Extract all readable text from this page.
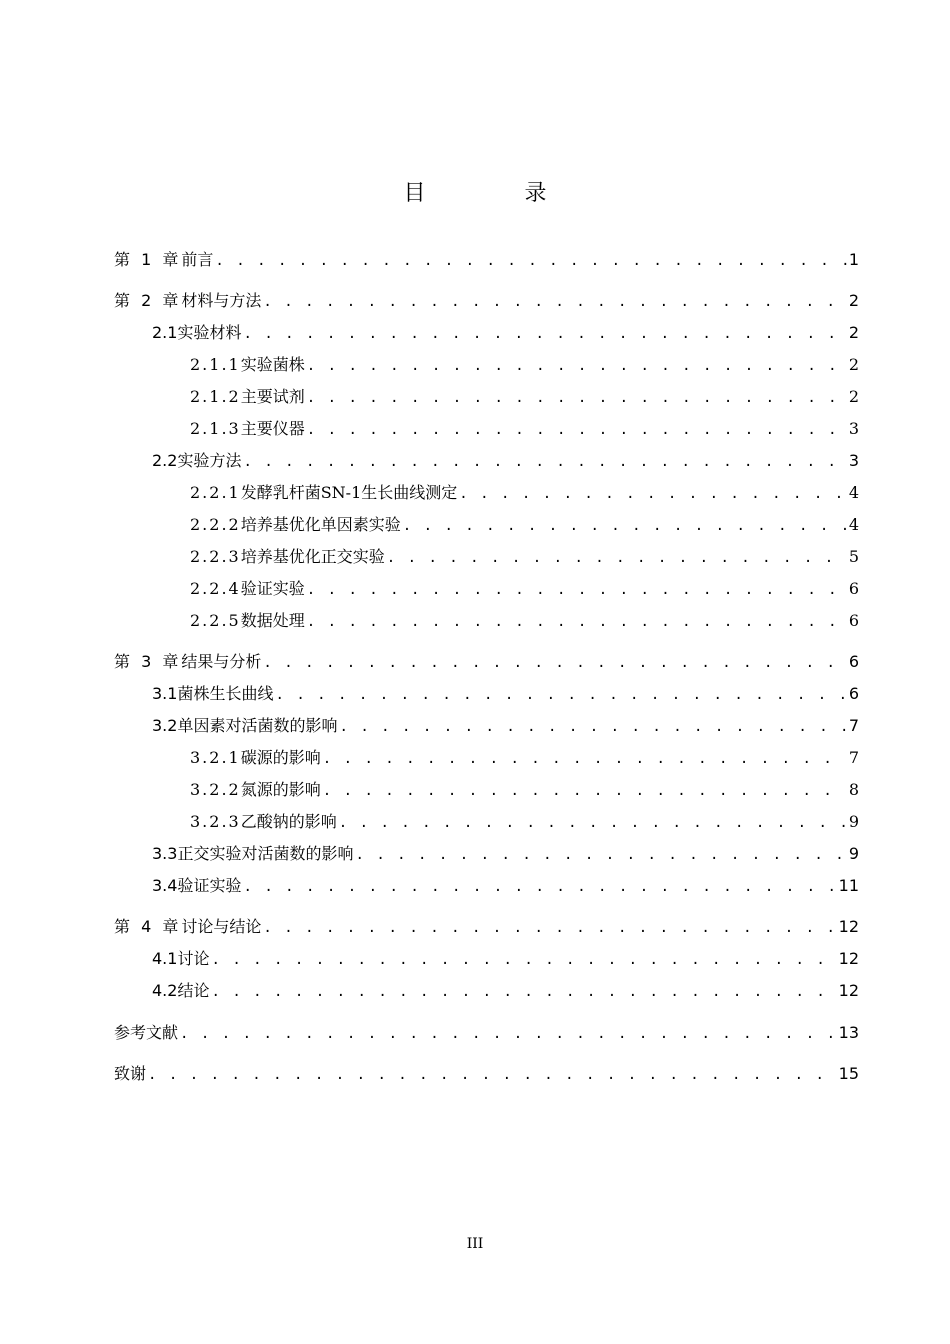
目 录
第 1 章 前言 . . .	1
第 2 章 材料与方法 . . .	2
2.1 实验材料 . . .	2
2.1.1 实验菌株 . . .	2
2.1.2 主要试剂 . . .	2
2.1.3 主要仪器 . . .	3
2.2 实验方法 . . .	3
2.2.1 发酵乳杆菌SN-1生长曲线测定 . . .	4
2.2.2 培养基优化单因素实验 . . .	4
2.2.3 培养基优化正交实验 . . .	5
2.2.4 验证实验 . . .	6
2.2.5 数据处理 . . .	6
第 3 章 结果与分析 . . .	6
3.1 菌株生长曲线 . . .	6
3.2 单因素对活菌数的影响 . . .	7
3.2.1 碳源的影响 . . .	7
3.2.2 氮源的影响 . . .	8
3.2.3 乙酸钠的影响 . . .	9
3.3 正交实验对活菌数的影响 . . .	9
3.4 验证实验 . . .	11
第 4 章 讨论与结论 . . .	12
4.1 讨论 . . .	12
4.2 结论 . . .	12
参考文献 . . .	13
致谢 . . .	15
III
